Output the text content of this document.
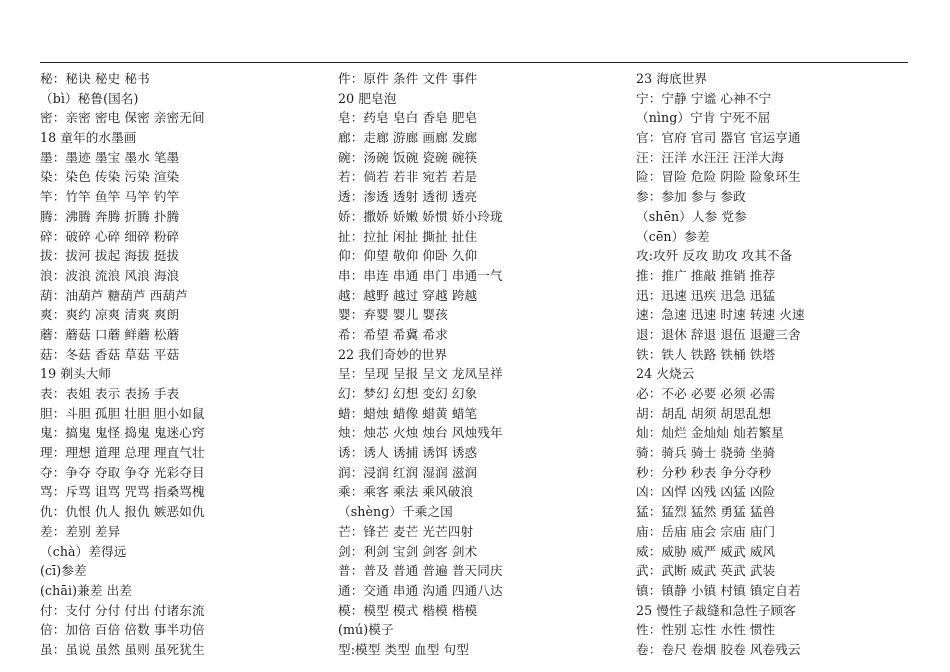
秘：秘诀 秘史 秘书
（bì）秘鲁(国名)
密：亲密 密电 保密 亲密无间
18 童年的水墨画
墨：墨迹 墨宝 墨水 笔墨
染：染色 传染 污染 渲染
竿：竹竿 鱼竿 马竿 钓竿
腾：沸腾 奔腾 折腾 扑腾
碎：破碎 心碎 细碎 粉碎
拔：拔河 拔起 海拔 挺拔
浪：波浪 流浪 风浪 海浪
葫：油葫芦 糖葫芦 西葫芦
爽：爽约 凉爽 清爽 爽朗
蘑：蘑菇 口蘑 鲜蘑 松蘑
菇：冬菇 香菇 草菇 平菇
19 剃头大师
表：表姐 表示 表扬 手表
胆：斗胆 孤胆 壮胆 胆小如鼠
鬼：搞鬼 鬼怪 捣鬼 鬼迷心窍
理：理想 道理 总理 理直气壮
夺：争夺 夺取 争夺 光彩夺目
骂：斥骂 诅骂 咒骂 指桑骂槐
仇：仇恨 仇人 报仇 嫉恶如仇
差：差别 差异
（chà）差得远
(cī)参差
(chāi)兼差 出差
付：支付 分付 付出 付诸东流
倍：加倍 百倍 倍数 事半功倍
虽：虽说 虽然 虽则 虽死犹生
件：原件 条件 文件 事件
20 肥皂泡
皂：药皂 皂白 香皂 肥皂
廊：走廊 游廊 画廊 发廊
碗：汤碗 饭碗 瓷碗 碗筷
若：倘若 若非 宛若 若是
透：渗透 透射 透彻 透亮
娇：撒娇 娇嫩 娇惯 娇小玲珑
扯：拉扯 闲扯 撕扯 扯住
仰：仰望 敬仰 仰卧 久仰
串：串连 串通 串门 串通一气
越：越野 越过 穿越 跨越
婴：弃婴 婴儿 婴孩
希：希望 希冀 希求
22 我们奇妙的世界
呈：呈现 呈报 呈文 龙凤呈祥
幻：梦幻 幻想 变幻 幻象
蜡：蜡烛 蜡像 蜡黄 蜡笔
烛：烛芯 火烛 烛台 风烛残年
诱：诱人 诱捕 诱饵 诱惑
润：浸润 红润 湿润 滋润
乘：乘客 乘法 乘风破浪
（shèng）千乘之国
芒：锋芒 麦芒 光芒四射
剑：利剑 宝剑 剑客 剑术
普：普及 普通 普遍 普天同庆
通：交通 串通 沟通 四通八达
模：模型 模式 楷模 楷模
(mú)模子
型:模型 类型 血型 句型
23 海底世界
宁：宁静 宁谧 心神不宁
（nìng）宁肯 宁死不屈
官：官府 官司 器官 官运亨通
汪：汪洋 水汪汪 汪洋大海
险：冒险 危险 阴险 险象环生
参：参加 参与 参政
（shēn）人参 党参
（cēn）参差
攻:攻歼 反攻 助攻 攻其不备
推：推广 推敲 推销 推荐
迅：迅速 迅疾 迅急 迅猛
速：急速 迅速 时速 转速 火速
退：退休 辞退 退伍 退避三舍
铁：铁人 铁路 铁桶 铁塔
24 火烧云
必：不必 必要 必须 必需
胡：胡乱 胡须 胡思乱想
灿：灿烂 金灿灿 灿若繁星
骑：骑兵 骑士 骁骑 坐骑
秒：分秒 秒表 争分夺秒
凶：凶悍 凶残 凶猛 凶险
猛：猛烈 猛然 勇猛 猛兽
庙：岳庙 庙会 宗庙 庙门
威：威胁 威严 威武 威风
武：武断 威武 英武 武装
镇：镇静 小镇 村镇 镇定自若
25 慢性子裁缝和急性子顾客
性：性别 忘性 水性 惯性
卷：卷尺 卷烟 胶卷 风卷残云
